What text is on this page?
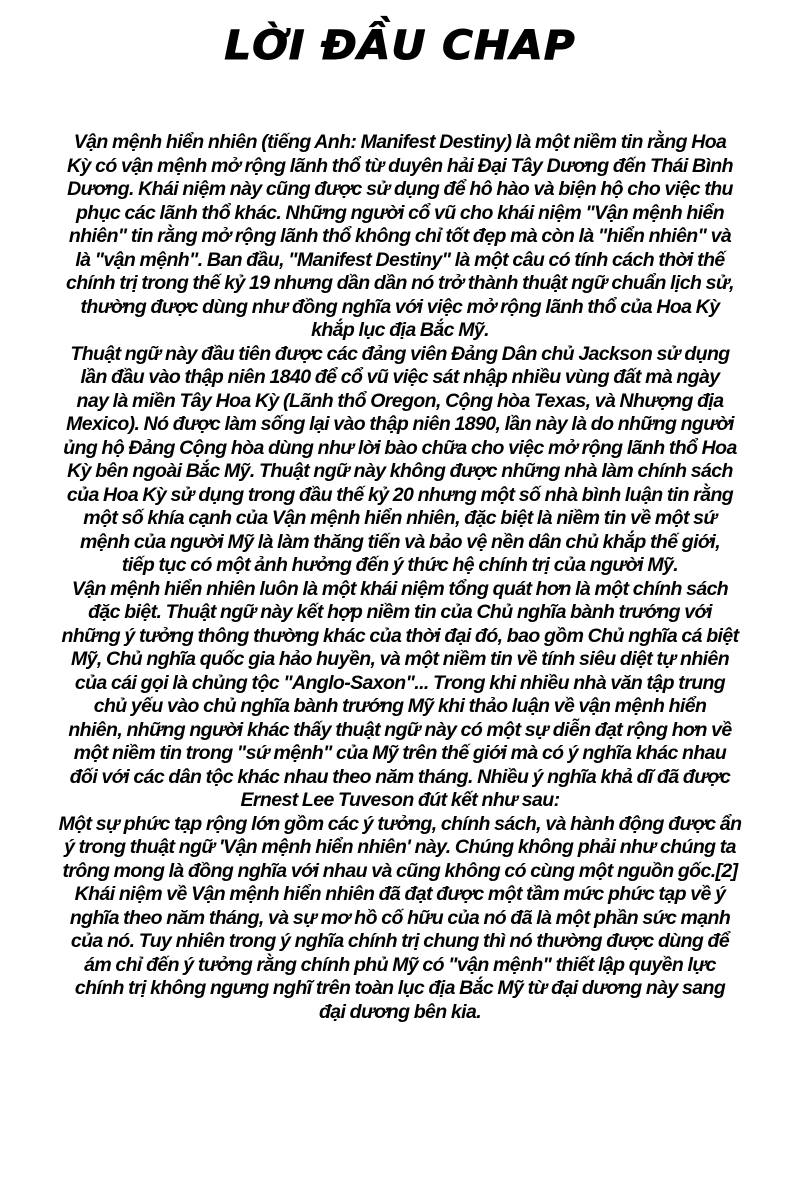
LỜI ĐẦU CHAP
Vận mệnh hiển nhiên (tiếng Anh: Manifest Destiny) là một niềm tin rằng Hoa
Kỳ có vận mệnh mở rộng lãnh thổ từ duyên hải Đại Tây Dương đến Thái Bình
Dương. Khái niệm này cũng được sử dụng để hô hào và biện hộ cho việc thu
phục các lãnh thổ khác. Những người cổ vũ cho khái niệm "Vận mệnh hiển
nhiên" tin rằng mở rộng lãnh thổ không chỉ tốt đẹp mà còn là "hiển nhiên" và
là "vận mệnh". Ban đầu, "Manifest Destiny" là một câu có tính cách thời thế
chính trị trong thế kỷ 19 nhưng dần dần nó trở thành thuật ngữ chuẩn lịch sử,
thường được dùng như đồng nghĩa với việc mở rộng lãnh thổ của Hoa Kỳ
khắp lục địa Bắc Mỹ.
Thuật ngữ này đầu tiên được các đảng viên Đảng Dân chủ Jackson sử dụng
lần đầu vào thập niên 1840 để cổ vũ việc sát nhập nhiều vùng đất mà ngày
nay là miền Tây Hoa Kỳ (Lãnh thổ Oregon, Cộng hòa Texas, và Nhượng địa
Mexico). Nó được làm sống lại vào thập niên 1890, lần này là do những người
ủng hộ Đảng Cộng hòa dùng như lời bào chữa cho việc mở rộng lãnh thổ Hoa
Kỳ bên ngoài Bắc Mỹ. Thuật ngữ này không được những nhà làm chính sách
của Hoa Kỳ sử dụng trong đầu thế kỷ 20 nhưng một số nhà bình luận tin rằng
một số khía cạnh của Vận mệnh hiển nhiên, đặc biệt là niềm tin về một sứ
mệnh của người Mỹ là làm thăng tiến và bảo vệ nền dân chủ khắp thế giới,
tiếp tục có một ảnh hưởng đến ý thức hệ chính trị của người Mỹ.
Vận mệnh hiển nhiên luôn là một khái niệm tổng quát hơn là một chính sách
đặc biệt. Thuật ngữ này kết hợp niềm tin của Chủ nghĩa bành trướng với
những ý tưởng thông thường khác của thời đại đó, bao gồm Chủ nghĩa cá biệt
Mỹ, Chủ nghĩa quốc gia hảo huyền, và một niềm tin về tính siêu diệt tự nhiên
của cái gọi là chủng tộc "Anglo-Saxon"... Trong khi nhiều nhà văn tập trung
chủ yếu vào chủ nghĩa bành trướng Mỹ khi thảo luận về vận mệnh hiển
nhiên, những người khác thấy thuật ngữ này có một sự diễn đạt rộng hơn về
một niềm tin trong "sứ mệnh" của Mỹ trên thế giới mà có ý nghĩa khác nhau
đối với các dân tộc khác nhau theo năm tháng. Nhiều ý nghĩa khả dĩ đã được
Ernest Lee Tuveson đút kết như sau:
Một sự phức tạp rộng lớn gồm các ý tưởng, chính sách, và hành động được ẩn
ý trong thuật ngữ 'Vận mệnh hiển nhiên' này. Chúng không phải như chúng ta
trông mong là đồng nghĩa với nhau và cũng không có cùng một nguồn gốc.[2]
Khái niệm về Vận mệnh hiển nhiên đã đạt được một tầm mức phức tạp về ý
nghĩa theo năm tháng, và sự mơ hồ cố hữu của nó đã là một phần sức mạnh
của nó. Tuy nhiên trong ý nghĩa chính trị chung thì nó thường được dùng để
ám chỉ đến ý tưởng rằng chính phủ Mỹ có "vận mệnh" thiết lập quyền lực
chính trị không ngưng nghĩ trên toàn lục địa Bắc Mỹ từ đại dương này sang
đại dương bên kia.
